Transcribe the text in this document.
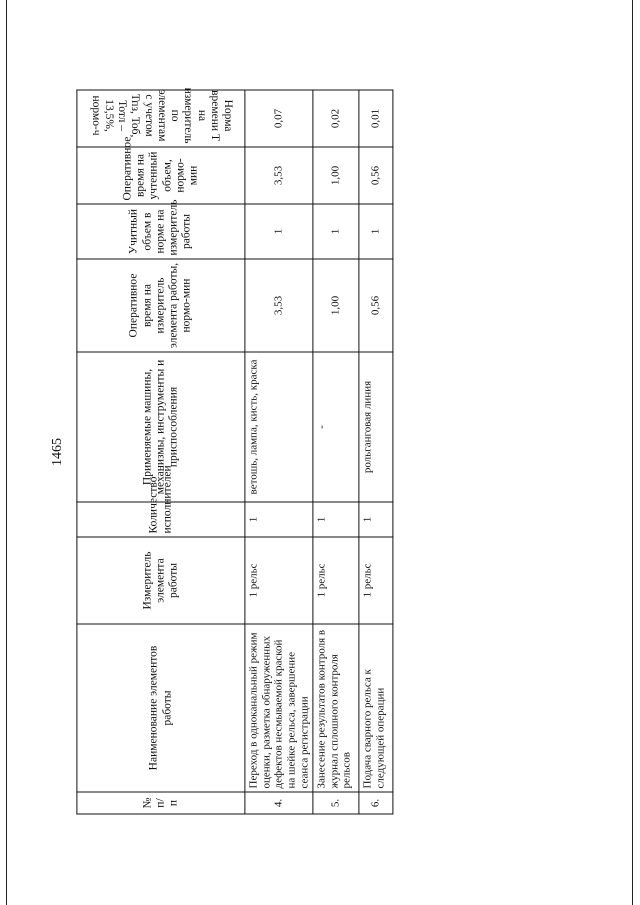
1465
№ п/п	Наименование элементов работы	Измеритель элемента работы	Количество исполнителей	Применяемые машины, механизмы, инструменты и приспособления	Оперативное время на измеритель элемента работы, нормо-мин	Учитный объем в норме на измеритель работы	Оперативное время на учтенный объем, нормо-мин	Норма времени Т на измеритель по элементам с учетом Тпз, Тоб, Тотл – 13,5%, нормо-ч
4.	Переход в одноканальный режим оценки, разметка обнаруженных дефектов несмываемой краской на шейке рельса, завершение сеанса регистрации	1 рельс	1	ветошь, лампа, кисть, краска	3,53	1	3,53	0,07
5.	Занесение результатов контроля в журнал сплошного контроля рельсов	1 рельс	1	-	1,00	1	1,00	0,02
6.	Подача сварного рельса к следующей операции	1 рельс	1	рольганговая линия	0,56	1	0,56	0,01
